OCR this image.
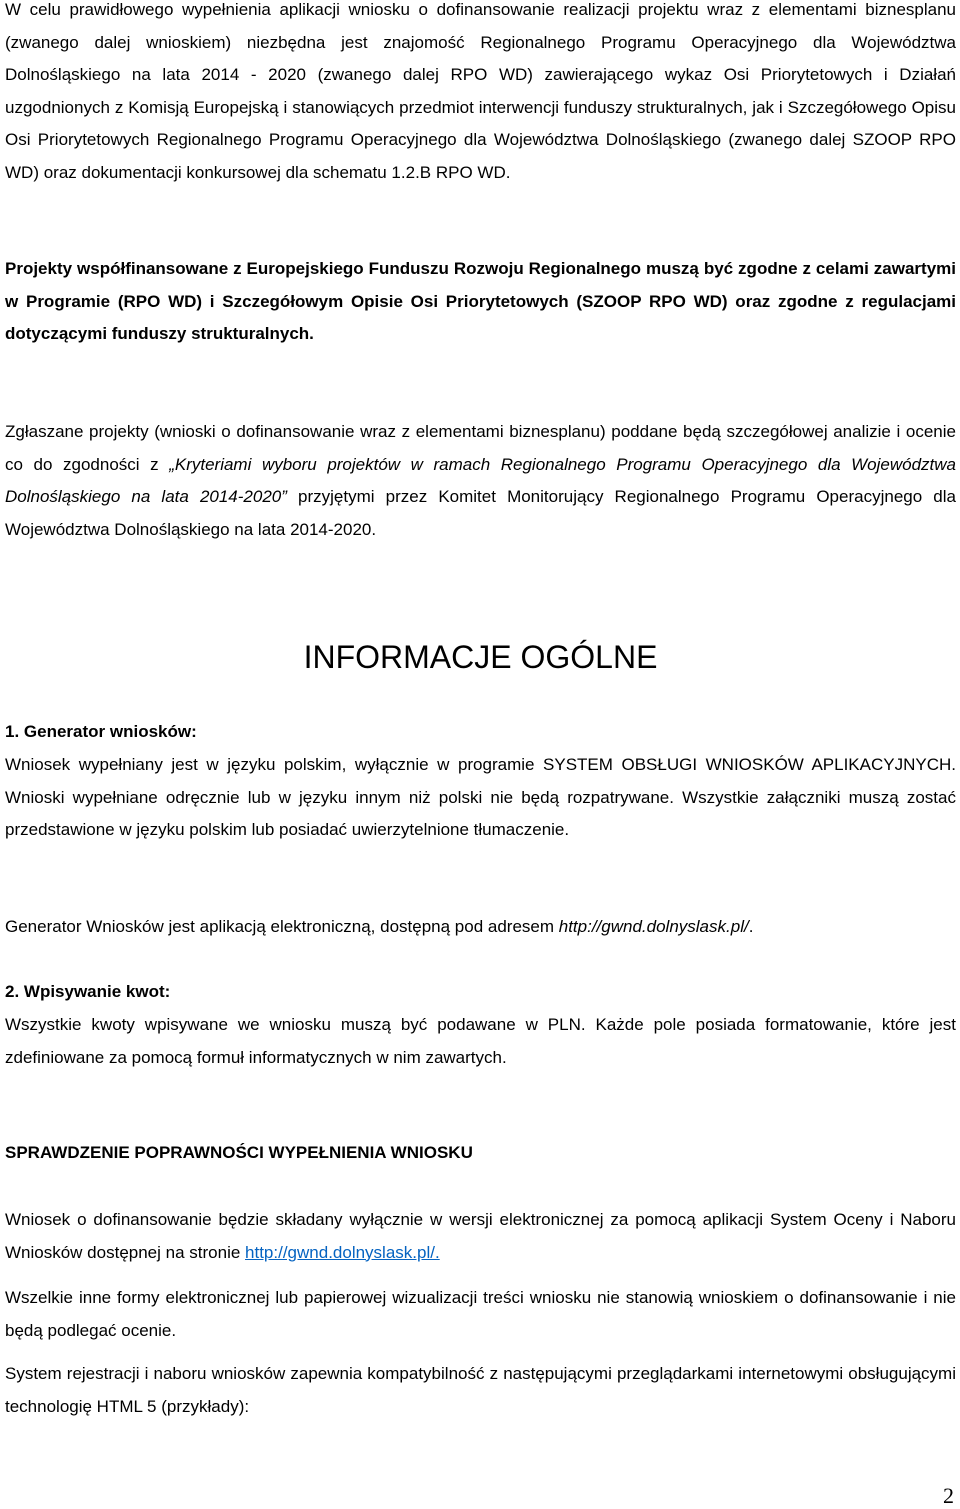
W celu prawidłowego wypełnienia aplikacji wniosku o dofinansowanie realizacji projektu wraz z elementami biznesplanu (zwanego dalej wnioskiem) niezbędna jest znajomość Regionalnego Programu Operacyjnego dla Województwa Dolnośląskiego na lata 2014 - 2020 (zwanego dalej RPO WD) zawierającego wykaz Osi Priorytetowych i Działań uzgodnionych z Komisją Europejską i stanowiących przedmiot interwencji funduszy strukturalnych, jak i Szczegółowego Opisu Osi Priorytetowych Regionalnego Programu Operacyjnego dla Województwa Dolnośląskiego (zwanego dalej SZOOP RPO WD) oraz dokumentacji konkursowej dla schematu 1.2.B RPO WD.

Projekty współfinansowane z Europejskiego Funduszu Rozwoju Regionalnego muszą być zgodne z celami zawartymi w Programie (RPO WD) i Szczegółowym Opisie Osi Priorytetowych (SZOOP RPO WD) oraz zgodne z regulacjami dotyczącymi funduszy strukturalnych.

Zgłaszane projekty (wnioski o dofinansowanie wraz z elementami biznesplanu) poddane będą szczegółowej analizie i ocenie co do zgodności z „Kryteriami wyboru projektów w ramach Regionalnego Programu Operacyjnego dla Województwa Dolnośląskiego na lata 2014-2020” przyjętymi przez Komitet Monitorujący Regionalnego Programu Operacyjnego dla Województwa Dolnośląskiego na lata 2014-2020.

INFORMACJE OGÓLNE

1. Generator wniosków:

Wniosek wypełniany jest w języku polskim, wyłącznie w programie SYSTEM OBSŁUGI WNIOSKÓW APLIKACYJNYCH. Wnioski wypełniane odręcznie lub w języku innym niż polski nie będą rozpatrywane. Wszystkie załączniki muszą zostać przedstawione w języku polskim lub posiadać uwierzytelnione tłumaczenie.

Generator Wniosków jest aplikacją elektroniczną, dostępną pod adresem http://gwnd.dolnyslask.pl/.

2. Wpisywanie kwot:

Wszystkie kwoty wpisywane we wniosku muszą być podawane w PLN. Każde pole posiada formatowanie, które jest zdefiniowane za pomocą formuł informatycznych w nim zawartych.

SPRAWDZENIE POPRAWNOŚCI WYPEŁNIENIA WNIOSKU

Wniosek o dofinansowanie będzie składany wyłącznie w wersji elektronicznej za pomocą aplikacji System Oceny i Naboru Wniosków dostępnej na stronie http://gwnd.dolnyslask.pl/.

Wszelkie inne formy elektronicznej lub papierowej wizualizacji treści wniosku nie stanowią wnioskiem o dofinansowanie i nie będą podlegać ocenie.

System rejestracji i naboru wniosków zapewnia kompatybilność z następującymi przeglądarkami internetowymi obsługującymi technologię HTML 5 (przykłady):

2
